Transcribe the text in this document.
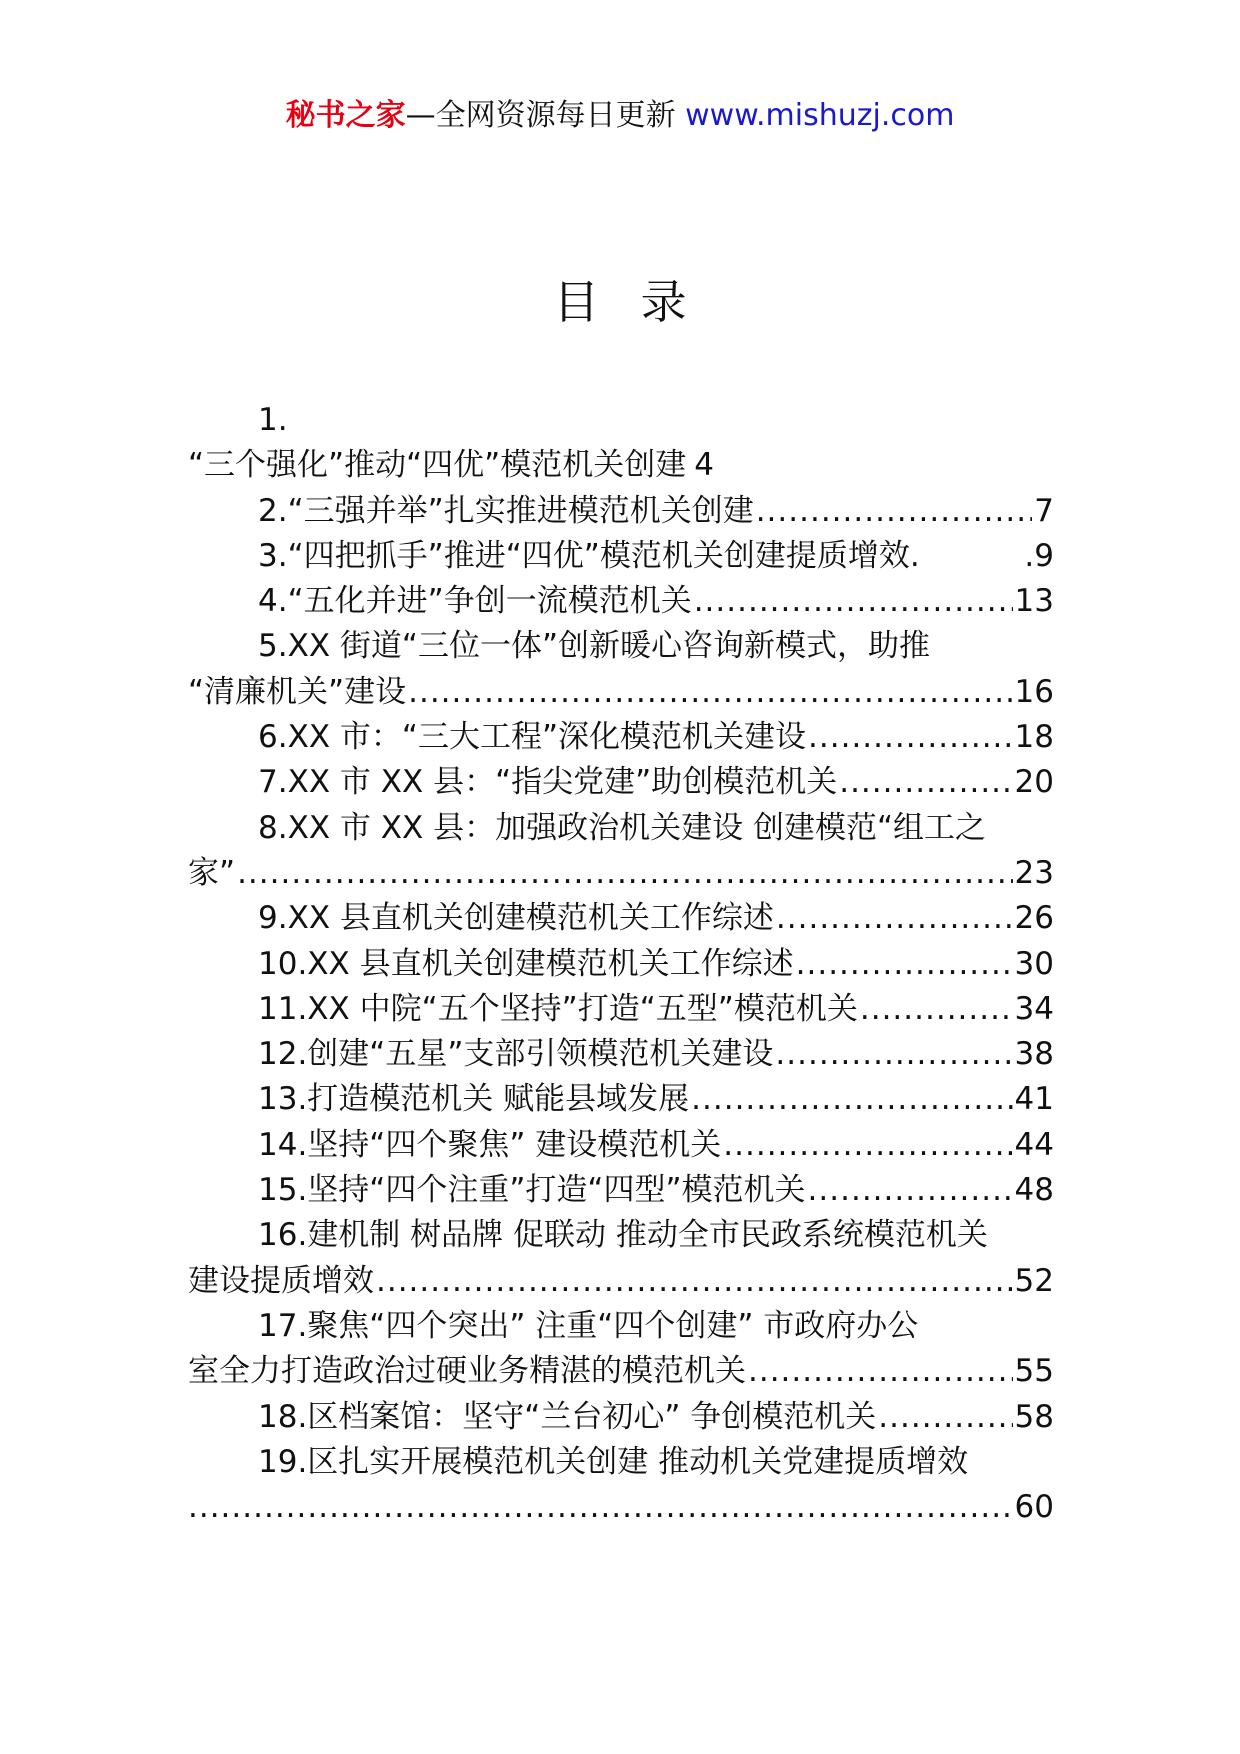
秘书之家—全网资源每日更新 www.mishuzj.com
目录
1.
“三个强化”推动“四优”模范机关创建 4
2.“三强并举”扎实推进模范机关创建 .....	7
3.“四把抓手”推进“四优”模范机关创建提质增效.	.9
4.“五化并进”争创一流模范机关 .....	13
5.XX 街道“三位一体”创新暖心咨询新模式，助推
“清廉机关”建设 .....	16
6.XX 市：“三大工程”深化模范机关建设 .....	18
7.XX 市 XX 县：“指尖党建”助创模范机关 .....	20
8.XX 市 XX 县：加强政治机关建设 创建模范“组工之
家” .....	23
9.XX 县直机关创建模范机关工作综述 .....	26
10.XX 县直机关创建模范机关工作综述 .....	30
11.XX 中院“五个坚持”打造“五型”模范机关 .....	34
12.创建“五星”支部引领模范机关建设 .....	38
13.打造模范机关 赋能县域发展 .....	41
14.坚持“四个聚焦” 建设模范机关 .....	44
15.坚持“四个注重”打造“四型”模范机关 .....	48
16.建机制 树品牌 促联动 推动全市民政系统模范机关
建设提质增效 .....	52
17.聚焦“四个突出” 注重“四个创建” 市政府办公
室全力打造政治过硬业务精湛的模范机关 .....	55
18.区档案馆：坚守“兰台初心” 争创模范机关 .....	58
19.区扎实开展模范机关创建 推动机关党建提质增效
.....
60
